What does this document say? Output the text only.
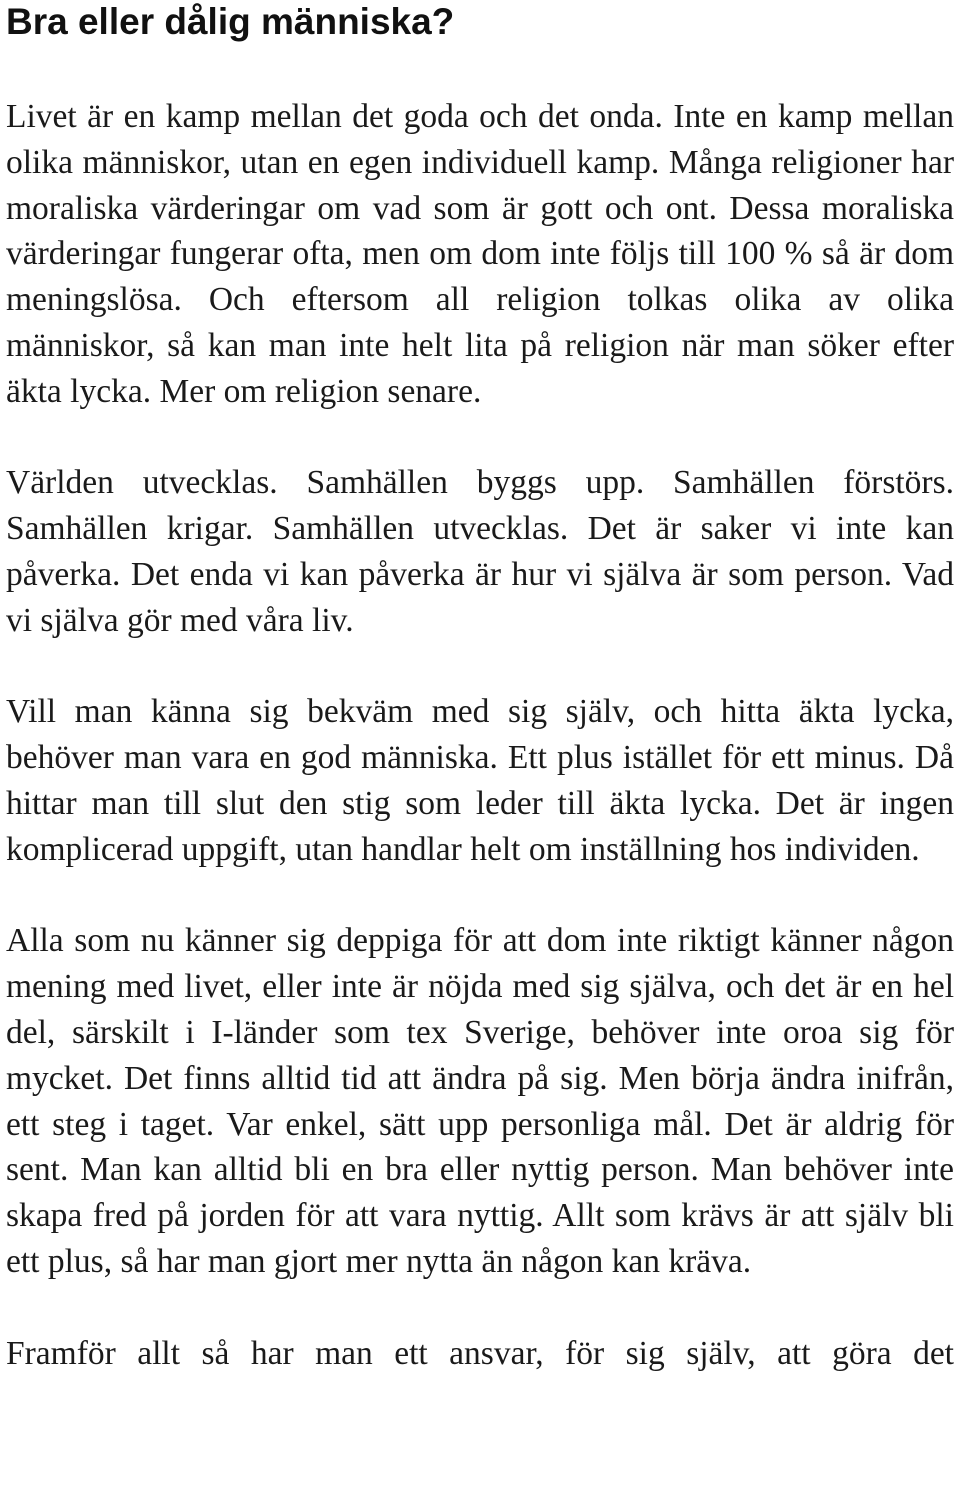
Bra eller dålig människa?

Livet är en kamp mellan det goda och det onda. Inte en kamp mellan olika människor, utan en egen individuell kamp. Många religioner har moraliska värderingar om vad som är gott och ont. Dessa moraliska värderingar fungerar ofta, men om dom inte följs till 100 % så är dom meningslösa. Och eftersom all religion tolkas olika av olika människor, så kan man inte helt lita på religion när man söker efter äkta lycka. Mer om religion senare.

Världen utvecklas. Samhällen byggs upp. Samhällen förstörs. Samhällen krigar. Samhällen utvecklas. Det är saker vi inte kan påverka. Det enda vi kan påverka är hur vi själva är som person. Vad vi själva gör med våra liv.

Vill man känna sig bekväm med sig själv, och hitta äkta lycka, behöver man vara en god människa. Ett plus istället för ett minus. Då hittar man till slut den stig som leder till äkta lycka. Det är ingen komplicerad uppgift, utan handlar helt om inställning hos individen.

Alla som nu känner sig deppiga för att dom inte riktigt känner någon mening med livet, eller inte är nöjda med sig själva, och det är en hel del, särskilt i I-länder som tex Sverige, behöver inte oroa sig för mycket. Det finns alltid tid att ändra på sig. Men börja ändra inifrån, ett steg i taget. Var enkel, sätt upp personliga mål. Det är aldrig för sent. Man kan alltid bli en bra eller nyttig person. Man behöver inte skapa fred på jorden för att vara nyttig. Allt som krävs är att själv bli ett plus, så har man gjort mer nytta än någon kan kräva.

Framför allt så har man ett ansvar, för sig själv, att göra det
